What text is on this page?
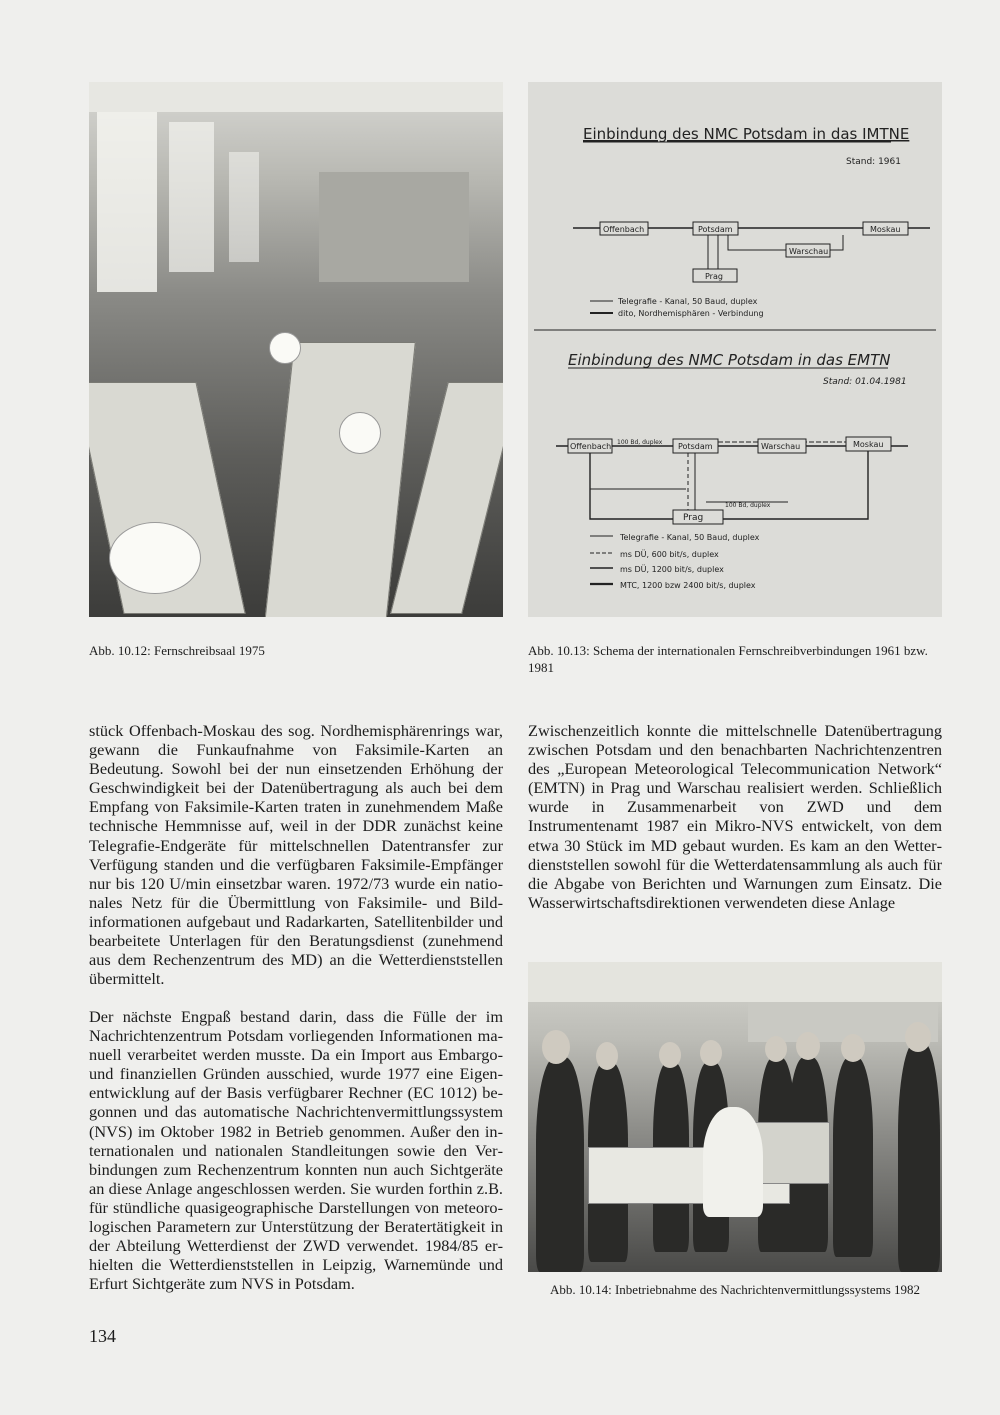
Einbindung des NMC Potsdam in das IMTNE
Stand: 1961
Offenbach	Potsdam	Moskau
Warschau
Prag
Telegrafie - Kanal, 50 Baud, duplex
dito, Nordhemisphären - Verbindung
Einbindung des NMC Potsdam in das EMTN
Stand: 01.04.1981
Offenbach 100 Bd, duplex Potsdam	Warschau	Moskau
Prag
100 Bd, duplex
Telegrafie - Kanal, 50 Baud, duplex
ms DÜ, 600 bit/s, duplex
ms DÜ, 1200 bit/s, duplex
MTC, 1200 bzw 2400 bit/s, duplex
Abb. 10.12: Fernschreibsaal 1975	Abb. 10.13: Schema der internationalen Fernschreibverbindungen 1961 bzw. 1981

stück Offenbach-Moskau des sog. Nordhemisphärenrings war, gewann die Funkaufnahme von Faksimile-Karten an Bedeutung. Sowohl bei der nun einsetzenden Erhöhung der Geschwindigkeit bei der Datenübertragung als auch bei dem Empfang von Faksimile-Karten traten in zunehmendem Maße technische Hemmnisse auf, weil in der DDR zunächst keine Telegrafie-Endgeräte für mittelschnellen Datentransfer zur Verfügung standen und die verfügbaren Faksimile-Empfänger nur bis 120 U/min einsetzbar waren. 1972/73 wurde ein nationales Netz für die Übermittlung von Faksimile- und Bildinformationen aufgebaut und Radarkarten, Satellitenbilder und bearbeitete Unterlagen für den Beratungsdienst (zunehmend aus dem Rechenzentrum des MD) an die Wetterdienststellen übermittelt.

Der nächste Engpaß bestand darin, dass die Fülle der im Nachrichtenzentrum Potsdam vorliegenden Informationen manuell verarbeitet werden musste. Da ein Import aus Embargo- und finanziellen Gründen ausschied, wurde 1977 eine Eigenentwicklung auf der Basis verfügbarer Rechner (EC 1012) begonnen und das automatische Nachrichtenvermittlungssystem (NVS) im Oktober 1982 in Betrieb genommen. Außer den internationalen und nationalen Standleitungen sowie den Verbindungen zum Rechenzentrum konnten nun auch Sichtgeräte an diese Anlage angeschlossen werden. Sie wurden forthin z.B. für stündliche quasigeographische Darstellungen von meteorologischen Parametern zur Unterstützung der Beratertätigkeit in der Abteilung Wetterdienst der ZWD verwendet. 1984/85 erhielten die Wetterdienststellen in Leipzig, Warnemünde und Erfurt Sichtgeräte zum NVS in Potsdam.

Zwischenzeitlich konnte die mittelschnelle Datenübertragung zwischen Potsdam und den benachbarten Nachrichtenzentren des „European Meteorological Telecommunication Network“ (EMTN) in Prag und Warschau realisiert werden. Schließlich wurde in Zusammenarbeit von ZWD und dem Instrumentenamt 1987 ein Mikro-NVS entwickelt, von dem etwa 30 Stück im MD gebaut wurden. Es kam an den Wetterdienststellen sowohl für die Wetterdatensammlung als auch für die Abgabe von Berichten und Warnungen zum Einsatz. Die Wasserwirtschaftsdirektionen verwendeten diese Anlage

Abb. 10.14: Inbetriebnahme des Nachrichtenvermittlungssystems 1982
134
